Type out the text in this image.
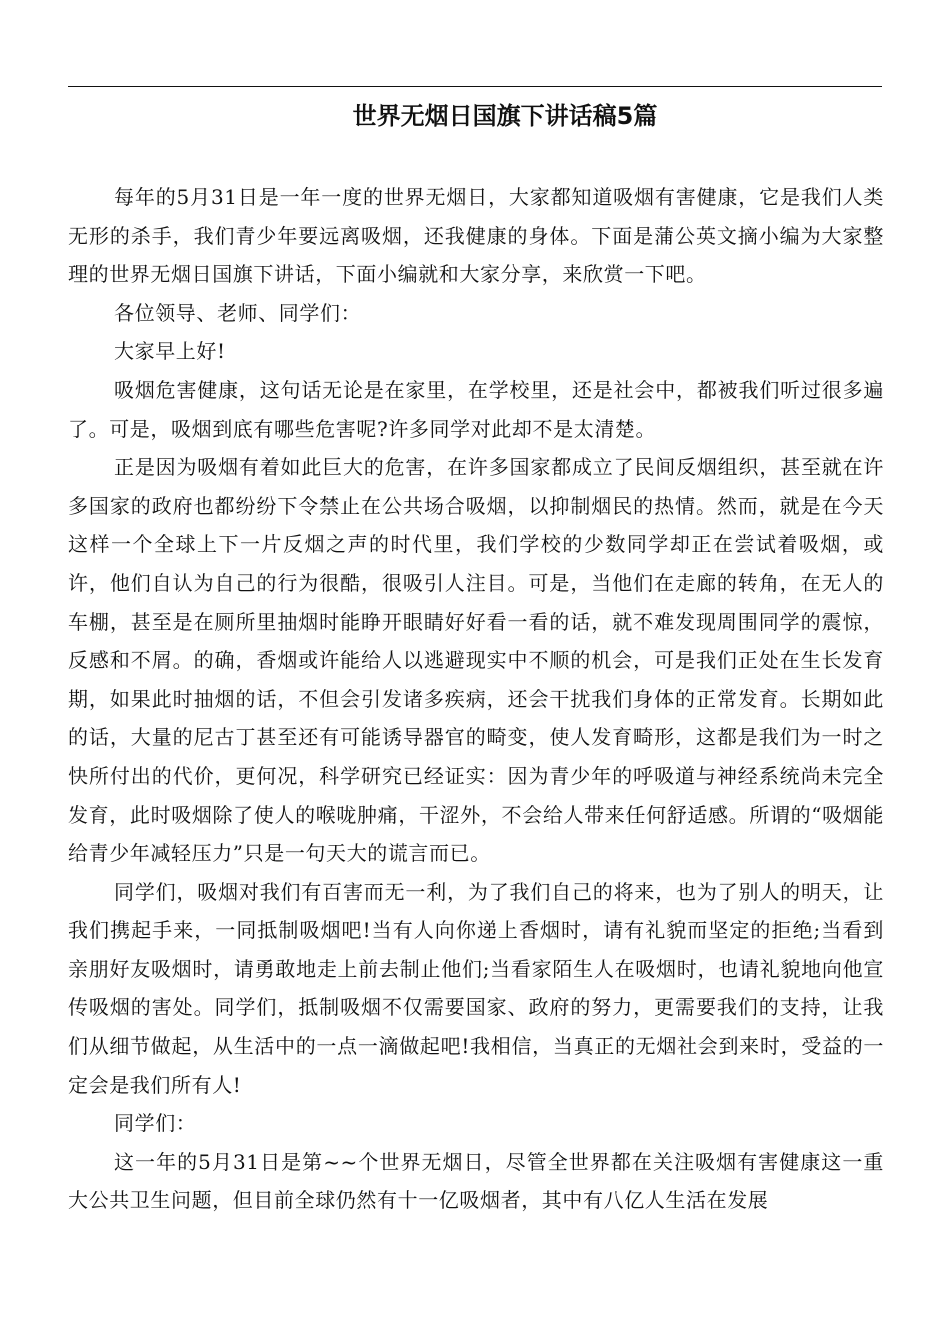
世界无烟日国旗下讲话稿5篇

每年的5月31日是一年一度的世界无烟日，大家都知道吸烟有害健康，它是我们人类无形的杀手，我们青少年要远离吸烟，还我健康的身体。下面是蒲公英文摘小编为大家整理的世界无烟日国旗下讲话，下面小编就和大家分享，来欣赏一下吧。

各位领导、老师、同学们：

大家早上好!

吸烟危害健康，这句话无论是在家里，在学校里，还是社会中，都被我们听过很多遍了。可是，吸烟到底有哪些危害呢?许多同学对此却不是太清楚。

正是因为吸烟有着如此巨大的危害，在许多国家都成立了民间反烟组织，甚至就在许多国家的政府也都纷纷下令禁止在公共场合吸烟，以抑制烟民的热情。然而，就是在今天这样一个全球上下一片反烟之声的时代里，我们学校的少数同学却正在尝试着吸烟，或许，他们自认为自己的行为很酷，很吸引人注目。可是，当他们在走廊的转角，在无人的车棚，甚至是在厕所里抽烟时能睁开眼睛好好看一看的话，就不难发现周围同学的震惊，反感和不屑。的确，香烟或许能给人以逃避现实中不顺的机会，可是我们正处在生长发育期，如果此时抽烟的话，不但会引发诸多疾病，还会干扰我们身体的正常发育。长期如此的话，大量的尼古丁甚至还有可能诱导器官的畸变，使人发育畸形，这都是我们为一时之快所付出的代价，更何况，科学研究已经证实：因为青少年的呼吸道与神经系统尚未完全发育，此时吸烟除了使人的喉咙肿痛，干涩外，不会给人带来任何舒适感。所谓的“吸烟能给青少年减轻压力”只是一句天大的谎言而已。

同学们，吸烟对我们有百害而无一利，为了我们自己的将来，也为了别人的明天，让我们携起手来，一同抵制吸烟吧!当有人向你递上香烟时，请有礼貌而坚定的拒绝;当看到亲朋好友吸烟时，请勇敢地走上前去制止他们;当看家陌生人在吸烟时，也请礼貌地向他宣传吸烟的害处。同学们，抵制吸烟不仅需要国家、政府的努力，更需要我们的支持，让我们从细节做起，从生活中的一点一滴做起吧!我相信，当真正的无烟社会到来时，受益的一定会是我们所有人!

同学们：

这一年的5月31日是第~~个世界无烟日，尽管全世界都在关注吸烟有害健康这一重大公共卫生问题，但目前全球仍然有十一亿吸烟者，其中有八亿人生活在发展
